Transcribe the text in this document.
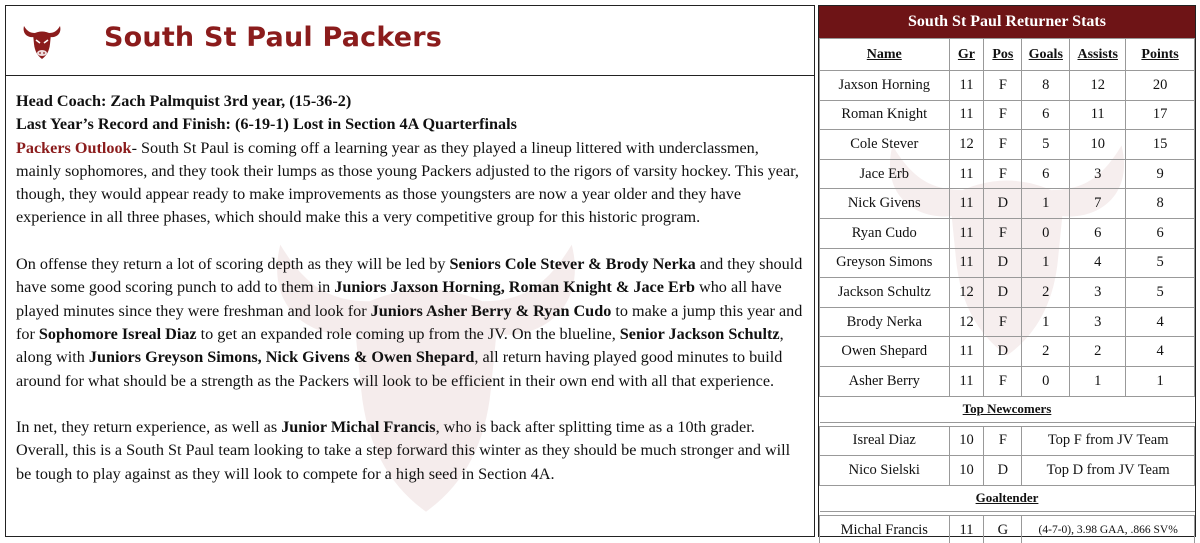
South St Paul Packers
Head Coach: Zach Palmquist 3rd year, (15-36-2)
Last Year’s Record and Finish: (6-19-1) Lost in Section 4A Quarterfinals

Packers Outlook- South St Paul is coming off a learning year as they played a lineup littered with underclassmen, mainly sophomores, and they took their lumps as those young Packers adjusted to the rigors of varsity hockey. This year, though, they would appear ready to make improvements as those youngsters are now a year older and they have experience in all three phases, which should make this a very competitive group for this historic program.

On offense they return a lot of scoring depth as they will be led by Seniors Cole Stever & Brody Nerka and they should have some good scoring punch to add to them in Juniors Jaxson Horning, Roman Knight & Jace Erb who all have played minutes since they were freshman and look for Juniors Asher Berry & Ryan Cudo to make a jump this year and for Sophomore Isreal Diaz to get an expanded role coming up from the JV. On the blueline, Senior Jackson Schultz, along with Juniors Greyson Simons, Nick Givens & Owen Shepard, all return having played good minutes to build around for what should be a strength as the Packers will look to be efficient in their own end with all that experience.

In net, they return experience, as well as Junior Michal Francis, who is back after splitting time as a 10th grader. Overall, this is a South St Paul team looking to take a step forward this winter as they should be much stronger and will be tough to play against as they will look to compete for a high seed in Section 4A.

South St Paul Returner Stats
Name	Gr	Pos	Goals	Assists	Points
Jaxson Horning	11	F	8	12	20
Roman Knight	11	F	6	11	17
Cole Stever	12	F	5	10	15
Jace Erb	11	F	6	3	9
Nick Givens	11	D	1	7	8
Ryan Cudo	11	F	0	6	6
Greyson Simons	11	D	1	4	5
Jackson Schultz	12	D	2	3	5
Brody Nerka	12	F	1	3	4
Owen Shepard	11	D	2	2	4
Asher Berry	11	F	0	1	1
Top Newcomers					

Isreal Diaz	10	F	Top F from JV Team		
Nico Sielski	10	D	Top D from JV Team		
Goaltender					

Michal Francis	11	G	(4-7-0), 3.98 GAA, .866 SV%		
